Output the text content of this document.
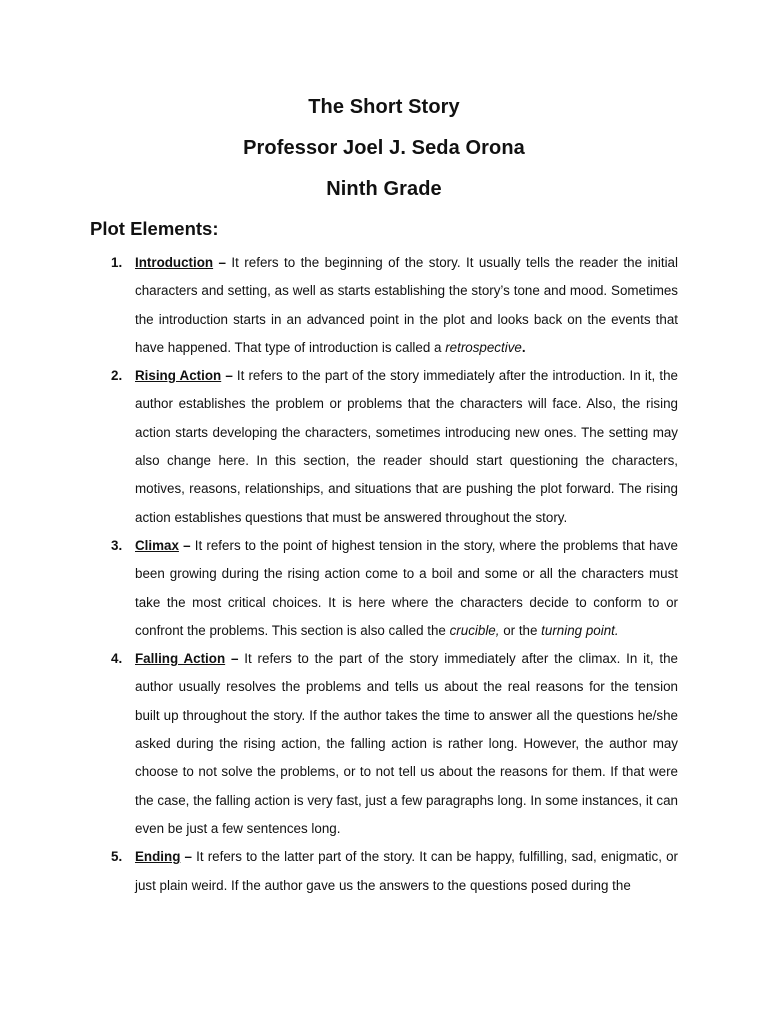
The Short Story
Professor Joel J. Seda Orona
Ninth Grade
Plot Elements:
1. Introduction – It refers to the beginning of the story. It usually tells the reader the initial characters and setting, as well as starts establishing the story’s tone and mood. Sometimes the introduction starts in an advanced point in the plot and looks back on the events that have happened. That type of introduction is called a retrospective.
2. Rising Action – It refers to the part of the story immediately after the introduction. In it, the author establishes the problem or problems that the characters will face. Also, the rising action starts developing the characters, sometimes introducing new ones. The setting may also change here. In this section, the reader should start questioning the characters, motives, reasons, relationships, and situations that are pushing the plot forward. The rising action establishes questions that must be answered throughout the story.
3. Climax – It refers to the point of highest tension in the story, where the problems that have been growing during the rising action come to a boil and some or all the characters must take the most critical choices. It is here where the characters decide to conform to or confront the problems. This section is also called the crucible, or the turning point.
4. Falling Action – It refers to the part of the story immediately after the climax. In it, the author usually resolves the problems and tells us about the real reasons for the tension built up throughout the story. If the author takes the time to answer all the questions he/she asked during the rising action, the falling action is rather long. However, the author may choose to not solve the problems, or to not tell us about the reasons for them. If that were the case, the falling action is very fast, just a few paragraphs long. In some instances, it can even be just a few sentences long.
5. Ending – It refers to the latter part of the story. It can be happy, fulfilling, sad, enigmatic, or just plain weird. If the author gave us the answers to the questions posed during the
